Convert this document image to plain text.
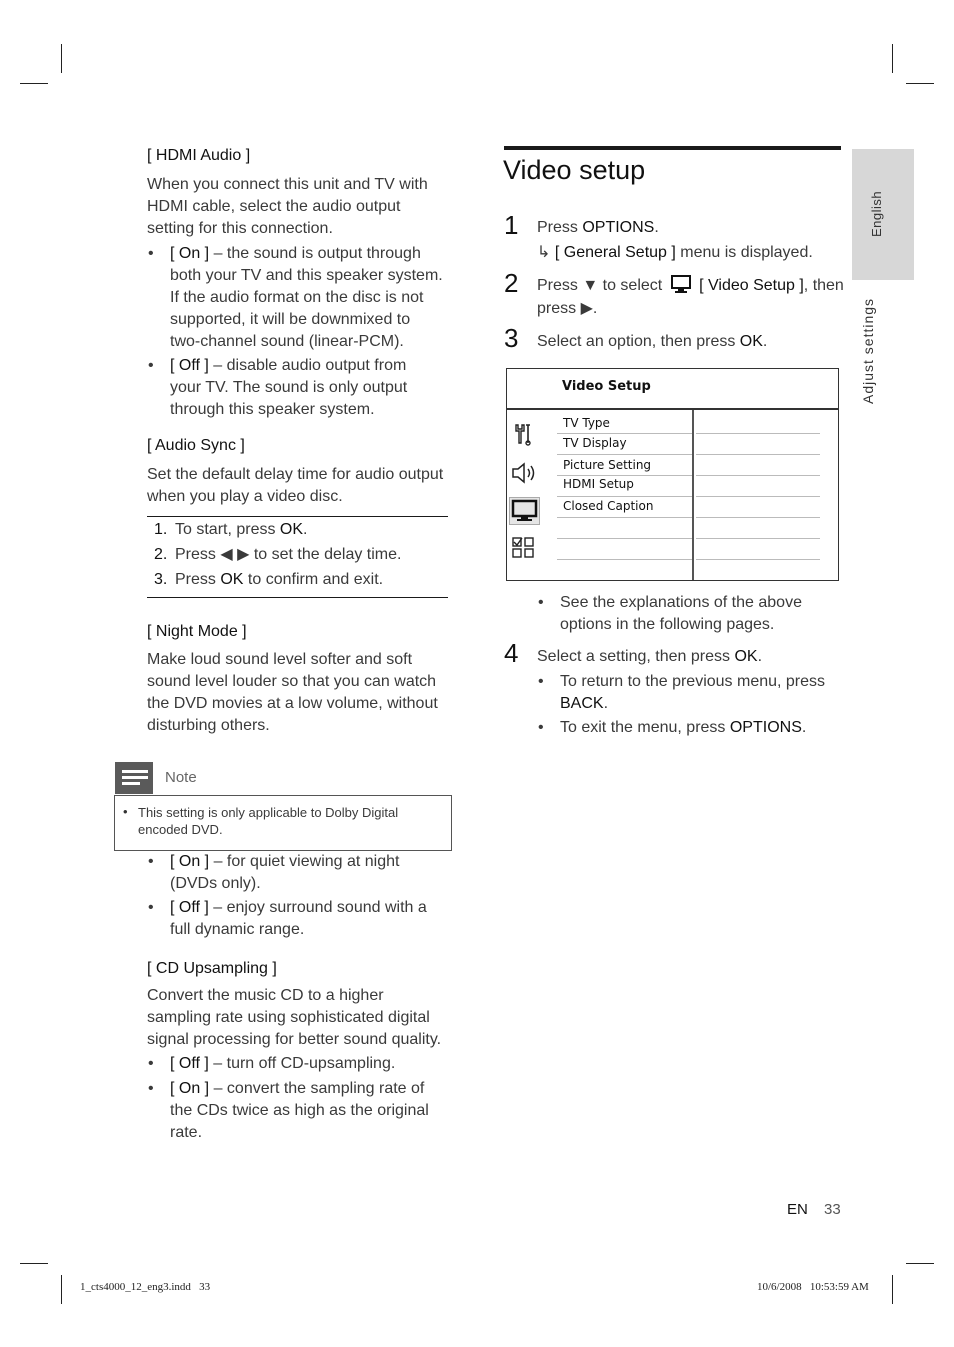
[ HDMI Audio ]
When you connect this unit and TV with
HDMI cable, select the audio output
setting for this connection.
• [ On ] – the sound is output through
both your TV and this speaker system.
If the audio format on the disc is not
supported, it will be downmixed to
two-channel sound (linear-PCM).
• [ Off ] – disable audio output from
your TV. The sound is only output
through this speaker system.
[ Audio Sync ]
Set the default delay time for audio output
when you play a video disc.
1. To start, press OK.
2. Press ◀ ▶ to set the delay time.
3. Press OK to confirm and exit.
[ Night Mode ]
Make loud sound level softer and soft
sound level louder so that you can watch
the DVD movies at a low volume, without
disturbing others.
Note
• This setting is only applicable to Dolby Digital
encoded DVD.
• [ On ] – for quiet viewing at night
(DVDs only).
• [ Off ] – enjoy surround sound with a
full dynamic range.
[ CD Upsampling ]
Convert the music CD to a higher
sampling rate using sophisticated digital
signal processing for better sound quality.
• [ Off ] – turn off CD-upsampling.
• [ On ] – convert the sampling rate of
the CDs twice as high as the original
rate.
Video setup
1 Press OPTIONS.
↳ [ General Setup ] menu is displayed.
2 Press ▼ to select [ Video Setup ], then
press ▶.
3 Select an option, then press OK.
Video Setup
TV Type
TV Display
Picture Setting
HDMI Setup
Closed Caption
• See the explanations of the above
options in the following pages.
4 Select a setting, then press OK.
• To return to the previous menu, press
BACK.
• To exit the menu, press OPTIONS.
English
Adjust settings
EN 33
1_cts4000_12_eng3.indd   33	10/6/2008   10:53:59 AM
